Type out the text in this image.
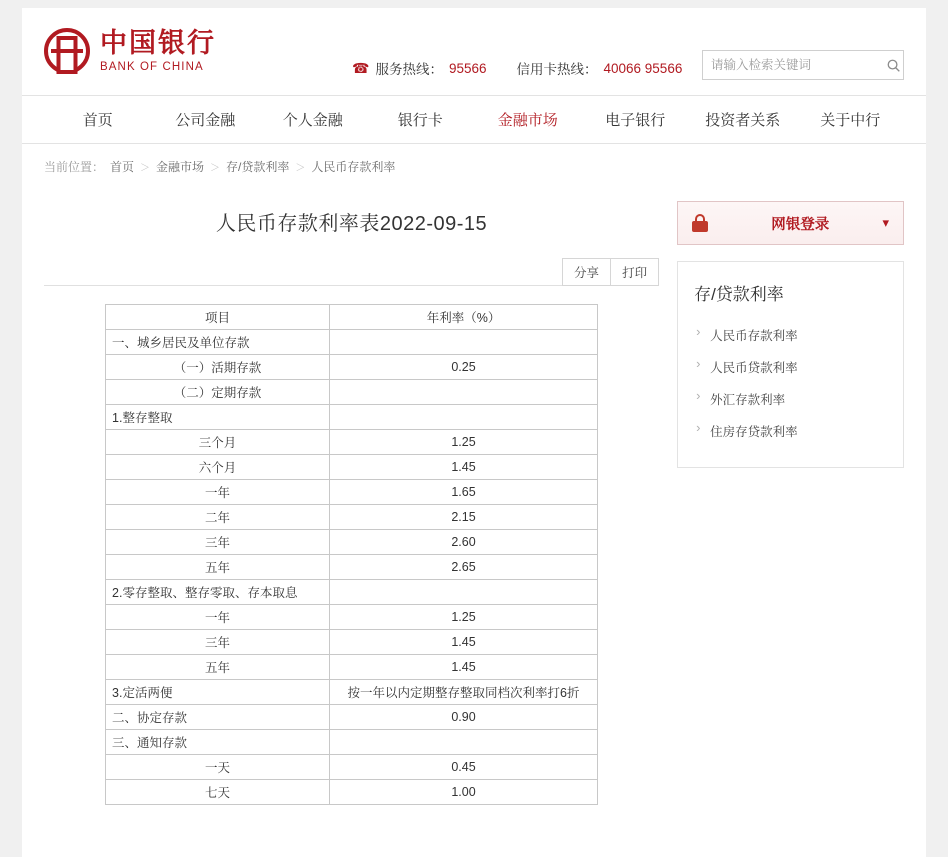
中国银行
BANK OF CHINA	☎ 服务热线： 95566 信用卡热线： 40066 95566
请输入检索关键词
首页	公司金融	个人金融	银行卡	金融市场	电子银行	投资者关系	关于中行
当前位置： 首页 ＞ 金融市场 ＞ 存/贷款利率 ＞ 人民币存款利率
人民币存款利率表2022-09-15
分享	打印
项目	年利率（%）
一、城乡居民及单位存款	
（一）活期存款	0.25
（二）定期存款	
1.整存整取	
三个月	1.25
六个月	1.45
一年	1.65
二年	2.15
三年	2.60
五年	2.65
2.零存整取、整存零取、存本取息	
一年	1.25
三年	1.45
五年	1.45
3.定活两便	按一年以内定期整存整取同档次利率打6折
二、协定存款	0.90
三、通知存款	
一天	0.45
七天	1.00
网银登录	▾
存/贷款利率
› 人民币存款利率
› 人民币贷款利率
› 外汇存款利率
› 住房存贷款利率
